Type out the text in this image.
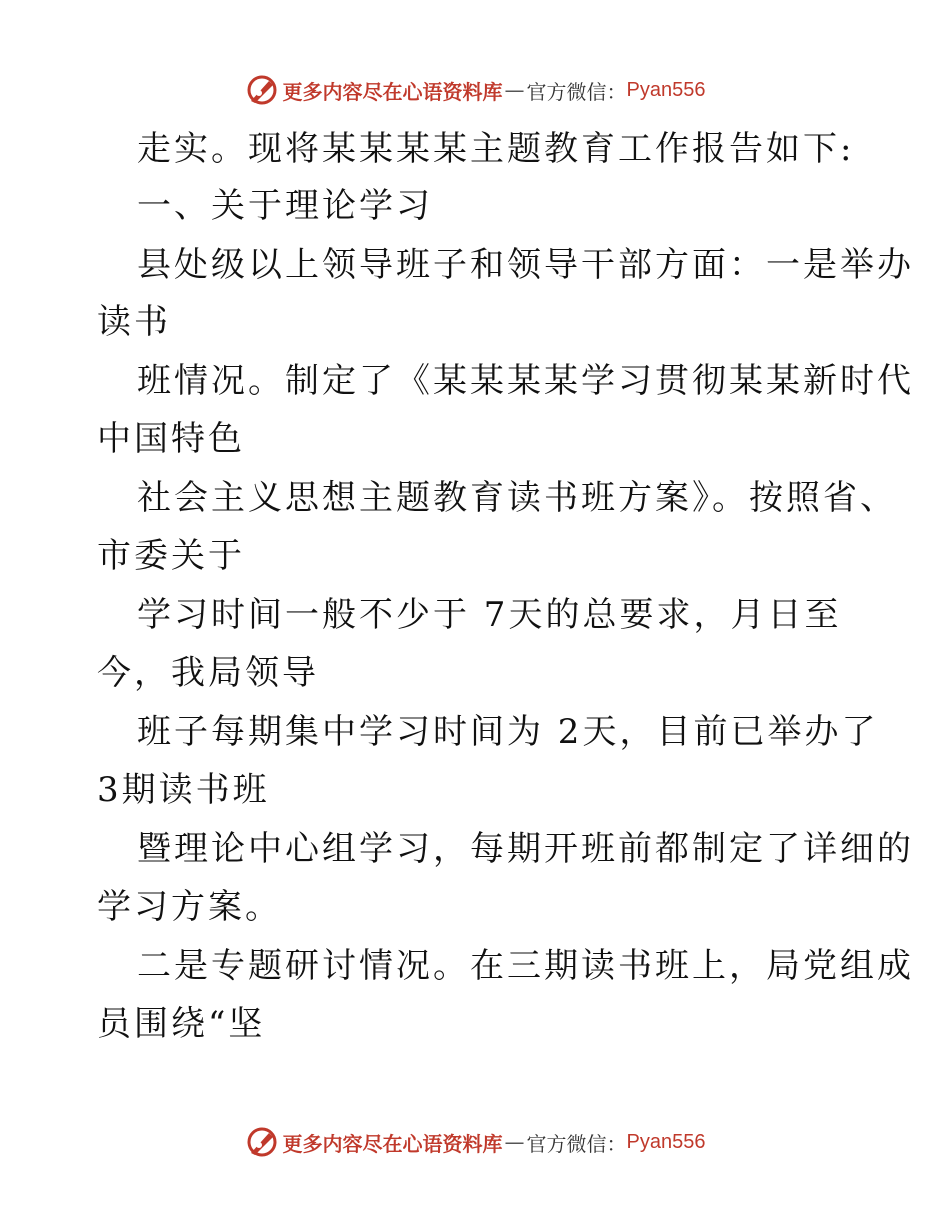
更多内容尽在心语资料库 — 官方微信： Pyan556
走实。现将某某某某主题教育工作报告如下:
一、关于理论学习
县处级以上领导班子和领导干部方面：一是举办
读书
班情况。制定了《某某某某学习贯彻某某新时代
中国特色
社会主义思想主题教育读书班方案》。按照省、
市委关于
学习时间一般不少于 7天的总要求，月日至
今，我局领导
班子每期集中学习时间为 2天，目前已举办了
3期读书班
暨理论中心组学习，每期开班前都制定了详细的
学习方案。
二是专题研讨情况。在三期读书班上，局党组成
员围绕“坚
更多内容尽在心语资料库 — 官方微信： Pyan556
